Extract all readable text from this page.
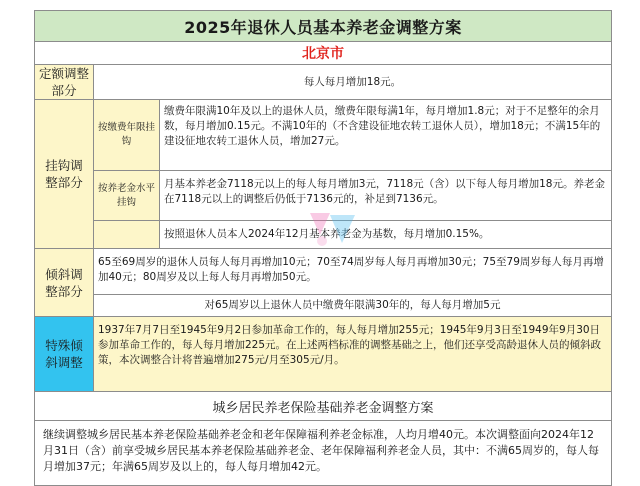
2025年退休人员基本养老金调整方案
北京市
定额调整部分
每人每月增加18元。
挂钩调整部分
按缴费年限挂钩
缴费年限满10年及以上的退休人员，缴费年限每满1年，每月增加1.8元；对于不足整年的余月数，每月增加0.15元。不满10年的（不含建设征地农转工退休人员），增加18元；不满15年的建设征地农转工退休人员，增加27元。
按养老金水平挂钩
月基本养老金7118元以上的每人每月增加3元，7118元（含）以下每人每月增加18元。养老金在7118元以上的调整后仍低于7136元的，补足到7136元。
按照退休人员本人2024年12月基本养老金为基数，每月增加0.15%。
倾斜调整部分
65至69周岁的退休人员每人每月再增加10元；70至74周岁每人每月再增加30元；75至79周岁每人每月再增加40元；80周岁及以上每人每月再增加50元。
对65周岁以上退休人员中缴费年限满30年的，每人每月增加5元
特殊倾斜调整
1937年7月7日至1945年9月2日参加革命工作的，每人每月增加255元；1945年9月3日至1949年9月30日参加革命工作的，每人每月增加225元。在上述两档标准的调整基础之上，他们还享受高龄退休人员的倾斜政策，本次调整合计将普遍增加275元/月至305元/月。
城乡居民养老保险基础养老金调整方案
继续调整城乡居民基本养老保险基础养老金和老年保障福利养老金标准，人均月增40元。本次调整面向2024年12月31日（含）前享受城乡居民基本养老保险基础养老金、老年保障福利养老金人员，其中：不满65周岁的，每人每月增加37元；年满65周岁及以上的，每人每月增加42元。
